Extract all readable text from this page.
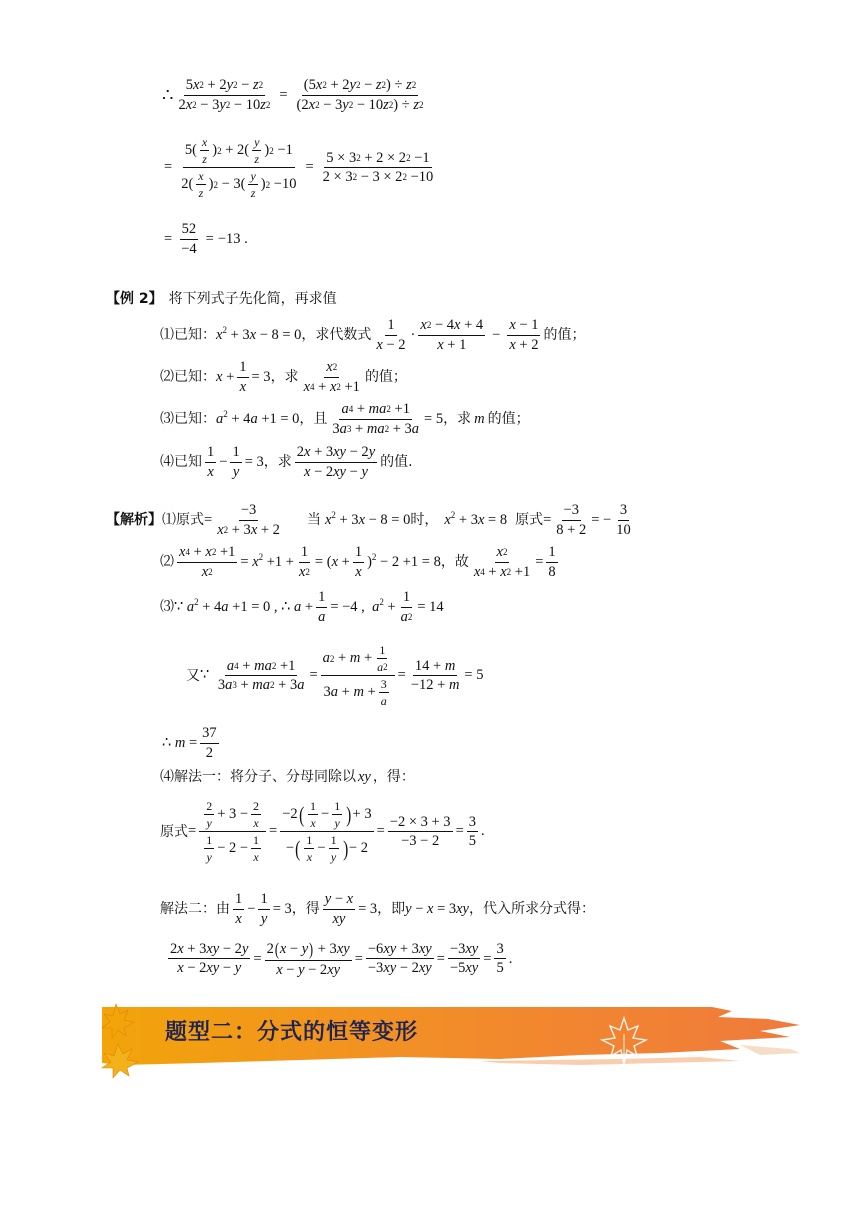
∴ $\frac{5 x 2 + 2 y 2 - z 2}{2 x 2 - 3 y 2 - 10 z 2} = \frac{(5 x 2 + 2 y 2 - z 2 ) \div z 2}{(2 x 2 - 3 y 2 - 10 z 2 ) \div z 2}$
= $\frac{5( \frac{x}{z} ) 2 + 2( \frac{y}{z} ) 2 -1}{2( \frac{x}{z} ) 2 - 3( \frac{y}{z} ) 2 -10} = \frac{5 \times 3 2 + 2 \times 2 2 -1}{2 \times 3 2 - 3 \times 2 2 -10}$
= $\frac{52}{-4} = -13$ .
【例 2】 将下列式子先化简，再求值
⑴ 已知： $x^2 + 3x - 8 = 0$ ，求代数式 $\frac{1}{x - 2} \cdot \frac{x 2 - 4 x + 4}{x + 1} - \frac{x - 1}{x + 2}$ 的值；
⑵ 已知： $x + \frac{1}{x} = 3$ ，求 $\frac{x 2}{x 4 + x 2 +1}$ 的值；
⑶ 已知： $a^2 + 4a +1 = 0$ ，且 $\frac{a 4 + ma 2 +1}{3 a 3 + ma 2 + 3 a} = 5$ ，求 m 的值；
⑷ 已知 $\frac{1}{x} - \frac{1}{y} = 3$ ，求 $\frac{2 x + 3 xy - 2 y}{x - 2 xy - y}$ 的值.
【解析】 ⑴ 原式 = $\frac{-3}{x 2 + 3 x + 2}$ 当 $x^2 + 3x - 8 = 0$ 时， $x^2 + 3x = 8$ 原式 = $\frac{-3}{8 + 2}$ = − $\frac{3}{10}$
⑵ $\frac{x 4 + x 2 +1}{x 2} = x^2 +1 + \frac{1}{x 2} = (x + \frac{1}{x} )^2 - 2 +1 = 8$ ，故 $\frac{x 2}{x 4 + x 2 +1} = \frac{1}{8}$
⑶ ∵ $a^2 + 4a +1 = 0$ , ∴ $a + \frac{1}{a} = -4$ ,  $a^2 + \frac{1}{a 2} = 14$
又 ∵ $\frac{a 4 + ma 2 +1}{3 a 3 + ma 2 + 3 a} = \frac{a 2 + m + \frac{1}{a 2}}{3 a + m + \frac{3}{a}} = \frac{14 + m}{-12 + m} = 5$
∴ $m = \frac{37}{2}$
⑷ 解法一：将分子、分母同除以 xy ，得：
原式 = $\frac{\frac{2}{y} + 3 - \frac{2}{x}}{\frac{1}{y} - 2 - \frac{1}{x}} = \frac{-2 ( \frac{1}{x} - \frac{1}{y} ) + 3}{- ( \frac{1}{x} - \frac{1}{y} ) - 2} = \frac{-2 \times 3 + 3}{-3 - 2} = \frac{3}{5}$ .
解法二：由 $\frac{1}{x} - \frac{1}{y} = 3$ ，得 $\frac{y - x}{xy} = 3$ ，即 y − x = 3xy ，代入所求分式得：
$\frac{2 x + 3 xy - 2 y}{x - 2 xy - y} = \frac{2 ( x - y ) + 3 xy}{x - y - 2 xy} = \frac{-6 xy + 3 xy}{-3 xy - 2 xy} = \frac{-3 xy}{-5 xy} = \frac{3}{5}$ .
题型二：分式的恒等变形
